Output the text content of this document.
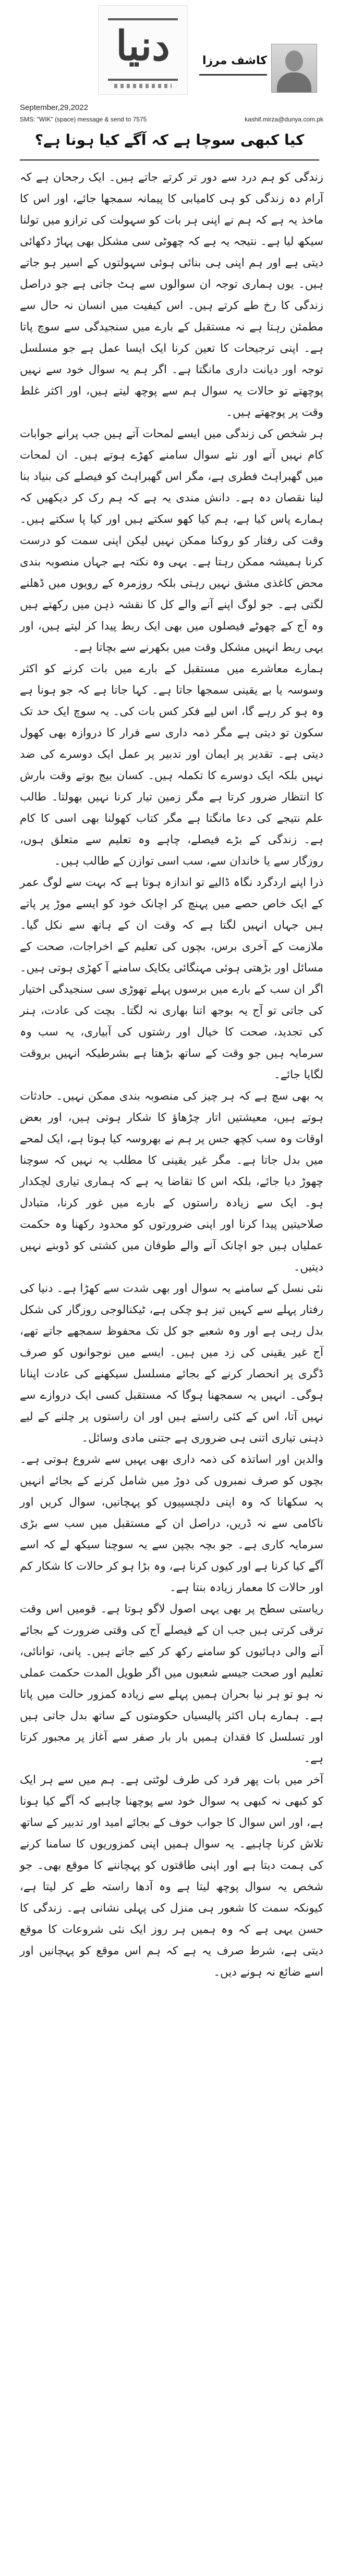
دنیا	کاشف مرزا
September,29,2022
SMS: "WIK" (space) message & send to 7575	kashif.mirza@dunya.com.pk
کیا کبھی سوچا ہے کہ آگے کیا ہونا ہے؟

زندگی کو ہم درد سے دور تر کرتے جاتے ہیں۔ ایک رجحان ہے کہ آرام دہ زندگی کو ہی کامیابی کا پیمانہ سمجھا جائے، اور اس کا ماخذ یہ ہے کہ ہم نے اپنی ہر بات کو سہولت کی ترازو میں تولنا سیکھ لیا ہے۔ نتیجہ یہ ہے کہ چھوٹی سی مشکل بھی پہاڑ دکھائی دیتی ہے اور ہم اپنی ہی بنائی ہوئی سہولتوں کے اسیر ہو جاتے ہیں۔ یوں ہماری توجہ ان سوالوں سے ہٹ جاتی ہے جو دراصل زندگی کا رخ طے کرتے ہیں۔ اس کیفیت میں انسان نہ حال سے مطمئن رہتا ہے نہ مستقبل کے بارے میں سنجیدگی سے سوچ پاتا ہے۔ اپنی ترجیحات کا تعین کرنا ایک ایسا عمل ہے جو مسلسل توجہ اور دیانت داری مانگتا ہے۔ اگر ہم یہ سوال خود سے نہیں پوچھتے تو حالات یہ سوال ہم سے پوچھ لیتے ہیں، اور اکثر غلط وقت پر پوچھتے ہیں۔

ہر شخص کی زندگی میں ایسے لمحات آتے ہیں جب پرانے جوابات کام نہیں آتے اور نئے سوال سامنے کھڑے ہوتے ہیں۔ ان لمحات میں گھبراہٹ فطری ہے، مگر اس گھبراہٹ کو فیصلے کی بنیاد بنا لینا نقصان دہ ہے۔ دانش مندی یہ ہے کہ ہم رک کر دیکھیں کہ ہمارے پاس کیا ہے، ہم کیا کھو سکتے ہیں اور کیا پا سکتے ہیں۔ وقت کی رفتار کو روکنا ممکن نہیں لیکن اپنی سمت کو درست کرنا ہمیشہ ممکن رہتا ہے۔ یہی وہ نکتہ ہے جہاں منصوبہ بندی محض کاغذی مشق نہیں رہتی بلکہ روزمرہ کے رویوں میں ڈھلنے لگتی ہے۔ جو لوگ اپنے آنے والے کل کا نقشہ ذہن میں رکھتے ہیں وہ آج کے چھوٹے فیصلوں میں بھی ایک ربط پیدا کر لیتے ہیں، اور یہی ربط انہیں مشکل وقت میں بکھرنے سے بچاتا ہے۔

ہمارے معاشرے میں مستقبل کے بارے میں بات کرنے کو اکثر وسوسہ یا بے یقینی سمجھا جاتا ہے۔ کہا جاتا ہے کہ جو ہونا ہے وہ ہو کر رہے گا، اس لیے فکر کس بات کی۔ یہ سوچ ایک حد تک سکون تو دیتی ہے مگر ذمہ داری سے فرار کا دروازہ بھی کھول دیتی ہے۔ تقدیر پر ایمان اور تدبیر پر عمل ایک دوسرے کی ضد نہیں بلکہ ایک دوسرے کا تکملہ ہیں۔ کسان بیج بوتے وقت بارش کا انتظار ضرور کرتا ہے مگر زمین تیار کرنا نہیں بھولتا۔ طالب علم نتیجے کی دعا مانگتا ہے مگر کتاب کھولنا بھی اسی کا کام ہے۔ زندگی کے بڑے فیصلے، چاہے وہ تعلیم سے متعلق ہوں، روزگار سے یا خاندان سے، سب اسی توازن کے طالب ہیں۔

ذرا اپنے اردگرد نگاہ ڈالیے تو اندازہ ہوتا ہے کہ بہت سے لوگ عمر کے ایک خاص حصے میں پہنچ کر اچانک خود کو ایسے موڑ پر پاتے ہیں جہاں انہیں لگتا ہے کہ وقت ان کے ہاتھ سے نکل گیا۔ ملازمت کے آخری برس، بچوں کی تعلیم کے اخراجات، صحت کے مسائل اور بڑھتی ہوئی مہنگائی یکایک سامنے آ کھڑی ہوتی ہیں۔ اگر ان سب کے بارے میں برسوں پہلے تھوڑی سی سنجیدگی اختیار کی جاتی تو آج یہ بوجھ اتنا بھاری نہ لگتا۔ بچت کی عادت، ہنر کی تجدید، صحت کا خیال اور رشتوں کی آبیاری، یہ سب وہ سرمایہ ہیں جو وقت کے ساتھ بڑھتا ہے بشرطیکہ انہیں بروقت لگایا جائے۔

یہ بھی سچ ہے کہ ہر چیز کی منصوبہ بندی ممکن نہیں۔ حادثات ہوتے ہیں، معیشتیں اتار چڑھاؤ کا شکار ہوتی ہیں، اور بعض اوقات وہ سب کچھ جس پر ہم نے بھروسہ کیا ہوتا ہے، ایک لمحے میں بدل جاتا ہے۔ مگر غیر یقینی کا مطلب یہ نہیں کہ سوچنا چھوڑ دیا جائے، بلکہ اس کا تقاضا یہ ہے کہ ہماری تیاری لچکدار ہو۔ ایک سے زیادہ راستوں کے بارے میں غور کرنا، متبادل صلاحیتیں پیدا کرنا اور اپنی ضرورتوں کو محدود رکھنا وہ حکمت عملیاں ہیں جو اچانک آنے والے طوفان میں کشتی کو ڈوبنے نہیں دیتیں۔

نئی نسل کے سامنے یہ سوال اور بھی شدت سے کھڑا ہے۔ دنیا کی رفتار پہلے سے کہیں تیز ہو چکی ہے، ٹیکنالوجی روزگار کی شکل بدل رہی ہے اور وہ شعبے جو کل تک محفوظ سمجھے جاتے تھے، آج غیر یقینی کی زد میں ہیں۔ ایسے میں نوجوانوں کو صرف ڈگری پر انحصار کرنے کے بجائے مسلسل سیکھنے کی عادت اپنانا ہوگی۔ انہیں یہ سمجھنا ہوگا کہ مستقبل کسی ایک دروازے سے نہیں آتا، اس کے کئی راستے ہیں اور ان راستوں پر چلنے کے لیے ذہنی تیاری اتنی ہی ضروری ہے جتنی مادی وسائل۔

والدین اور اساتذہ کی ذمہ داری بھی یہیں سے شروع ہوتی ہے۔ بچوں کو صرف نمبروں کی دوڑ میں شامل کرنے کے بجائے انہیں یہ سکھانا کہ وہ اپنی دلچسپیوں کو پہچانیں، سوال کریں اور ناکامی سے نہ ڈریں، دراصل ان کے مستقبل میں سب سے بڑی سرمایہ کاری ہے۔ جو بچہ بچپن سے یہ سوچنا سیکھ لے کہ اسے آگے کیا کرنا ہے اور کیوں کرنا ہے، وہ بڑا ہو کر حالات کا شکار کم اور حالات کا معمار زیادہ بنتا ہے۔

ریاستی سطح پر بھی یہی اصول لاگو ہوتا ہے۔ قومیں اس وقت ترقی کرتی ہیں جب ان کے فیصلے آج کی وقتی ضرورت کے بجائے آنے والی دہائیوں کو سامنے رکھ کر کیے جاتے ہیں۔ پانی، توانائی، تعلیم اور صحت جیسے شعبوں میں اگر طویل المدت حکمت عملی نہ ہو تو ہر نیا بحران ہمیں پہلے سے زیادہ کمزور حالت میں پاتا ہے۔ ہمارے ہاں اکثر پالیسیاں حکومتوں کے ساتھ بدل جاتی ہیں اور تسلسل کا فقدان ہمیں بار بار صفر سے آغاز پر مجبور کرتا ہے۔

آخر میں بات پھر فرد کی طرف لوٹتی ہے۔ ہم میں سے ہر ایک کو کبھی نہ کبھی یہ سوال خود سے پوچھنا چاہیے کہ آگے کیا ہونا ہے، اور اس سوال کا جواب خوف کے بجائے امید اور تدبیر کے ساتھ تلاش کرنا چاہیے۔ یہ سوال ہمیں اپنی کمزوریوں کا سامنا کرنے کی ہمت دیتا ہے اور اپنی طاقتوں کو پہچاننے کا موقع بھی۔ جو شخص یہ سوال پوچھ لیتا ہے وہ آدھا راستہ طے کر لیتا ہے، کیونکہ سمت کا شعور ہی منزل کی پہلی نشانی ہے۔ زندگی کا حسن یہی ہے کہ وہ ہمیں ہر روز ایک نئی شروعات کا موقع دیتی ہے، شرط صرف یہ ہے کہ ہم اس موقع کو پہچانیں اور اسے ضائع نہ ہونے دیں۔
